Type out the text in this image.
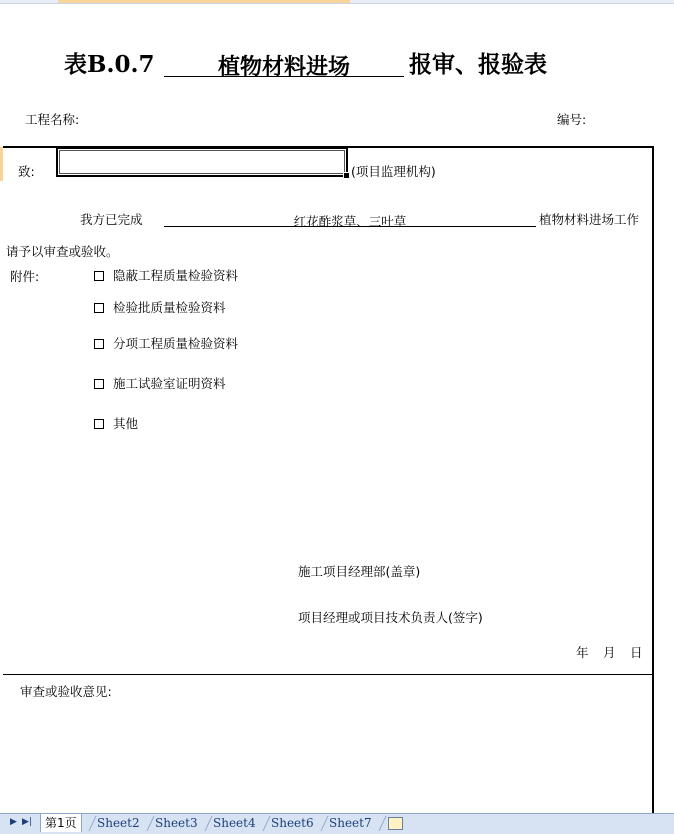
表B.0.7	植物材料进场	报审、报验表
工程名称:	编号:
致:	(项目监理机构)
我方已完成	红花酢浆草、三叶草	植物材料进场工作
请予以审查或验收。
附件:	隐蔽工程质量检验资料
检验批质量检验资料
分项工程质量检验资料
施工试验室证明资料
其他
施工项目经理部(盖章)
项目经理或项目技术负责人(签字)
年 月 日
审查或验收意见:
▶ ▶|	第1页	Sheet2	Sheet3	Sheet4	Sheet6	Sheet7
